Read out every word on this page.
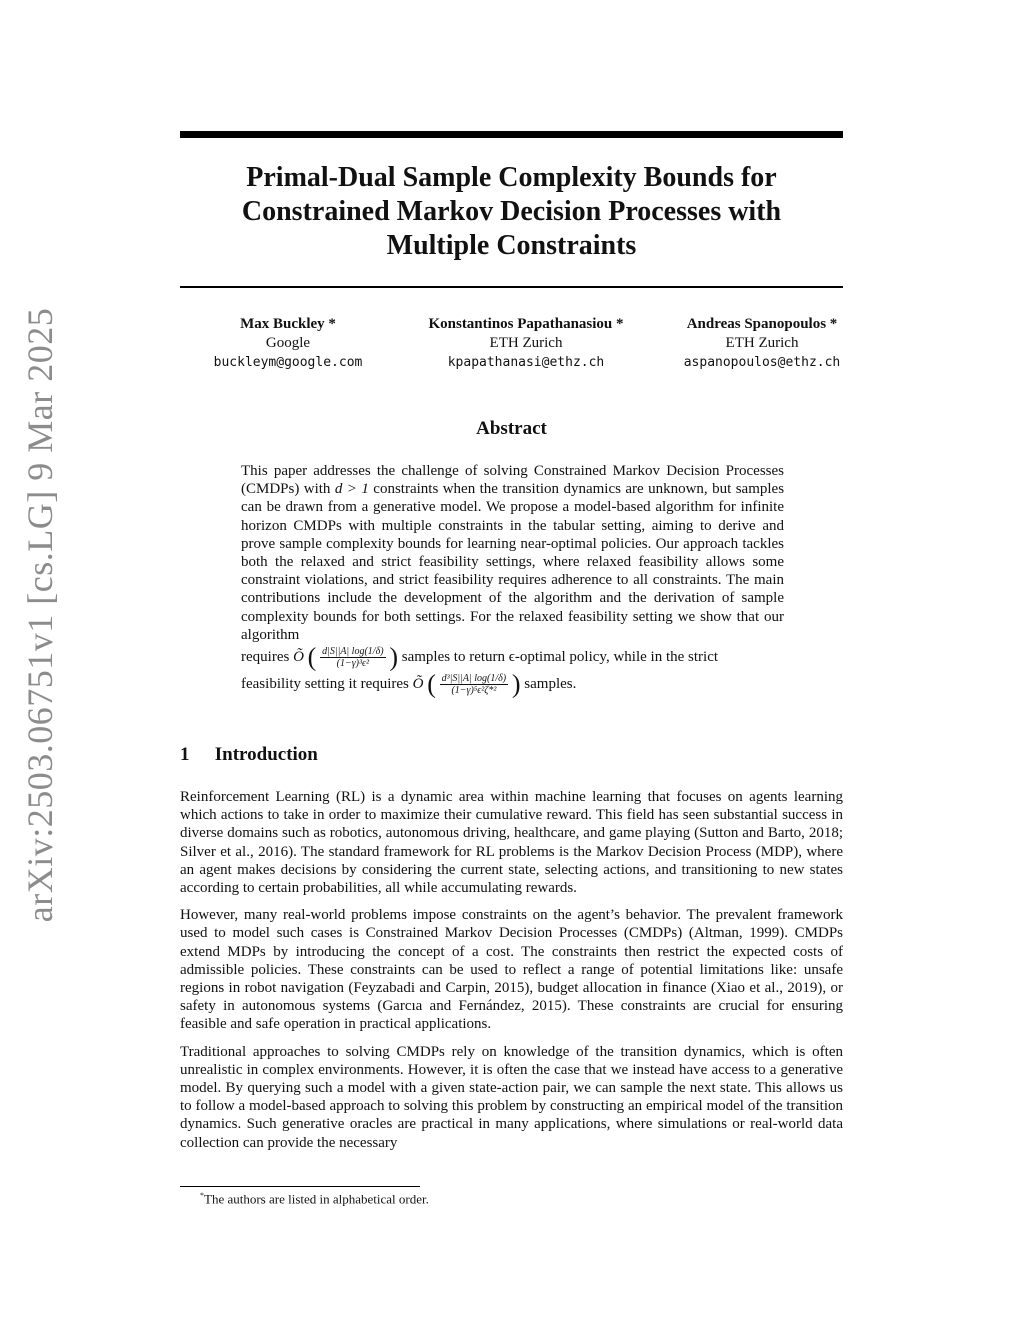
arXiv:2503.06751v1 [cs.LG] 9 Mar 2025
Primal-Dual Sample Complexity Bounds for
Constrained Markov Decision Processes with
Multiple Constraints
Max Buckley *
Google
buckleym@google.com
Konstantinos Papathanasiou *
ETH Zurich
kpapathanasi@ethz.ch
Andreas Spanopoulos *
ETH Zurich
aspanopoulos@ethz.ch
Abstract
This paper addresses the challenge of solving Constrained Markov Decision Processes (CMDPs) with d > 1 constraints when the transition dynamics are unknown, but samples can be drawn from a generative model. We propose a model-based algorithm for infinite horizon CMDPs with multiple constraints in the tabular setting, aiming to derive and prove sample complexity bounds for learning near-optimal policies. Our approach tackles both the relaxed and strict feasibility settings, where relaxed feasibility allows some constraint violations, and strict feasibility requires adherence to all constraints. The main contributions include the development of the algorithm and the derivation of sample complexity bounds for both settings. For the relaxed feasibility setting we show that our algorithm
requires Õ ( $\frac{d|S||A| \log(1/\delta)}{\text{(1−γ)³ϵ²}}$ ) samples to return ϵ-optimal policy, while in the strict
feasibility setting it requires Õ ( $\frac{\text{d³|S||A| log(1/δ)}}{\text{(1−γ)⁵ϵ²ζ*²}}$ ) samples.
1 Introduction

Reinforcement Learning (RL) is a dynamic area within machine learning that focuses on agents learning which actions to take in order to maximize their cumulative reward. This field has seen substantial success in diverse domains such as robotics, autonomous driving, healthcare, and game playing (Sutton and Barto, 2018; Silver et al., 2016). The standard framework for RL problems is the Markov Decision Process (MDP), where an agent makes decisions by considering the current state, selecting actions, and transitioning to new states according to certain probabilities, all while accumulating rewards.

However, many real-world problems impose constraints on the agent’s behavior. The prevalent framework used to model such cases is Constrained Markov Decision Processes (CMDPs) (Altman, 1999). CMDPs extend MDPs by introducing the concept of a cost. The constraints then restrict the expected costs of admissible policies. These constraints can be used to reflect a range of potential limitations like: unsafe regions in robot navigation (Feyzabadi and Carpin, 2015), budget allocation in finance (Xiao et al., 2019), or safety in autonomous systems (Garcıa and Fernández, 2015). These constraints are crucial for ensuring feasible and safe operation in practical applications.

Traditional approaches to solving CMDPs rely on knowledge of the transition dynamics, which is often unrealistic in complex environments. However, it is often the case that we instead have access to a generative model. By querying such a model with a given state-action pair, we can sample the next state. This allows us to follow a model-based approach to solving this problem by constructing an empirical model of the transition dynamics. Such generative oracles are practical in many applications, where simulations or real-world data collection can provide the necessary

*The authors are listed in alphabetical order.
